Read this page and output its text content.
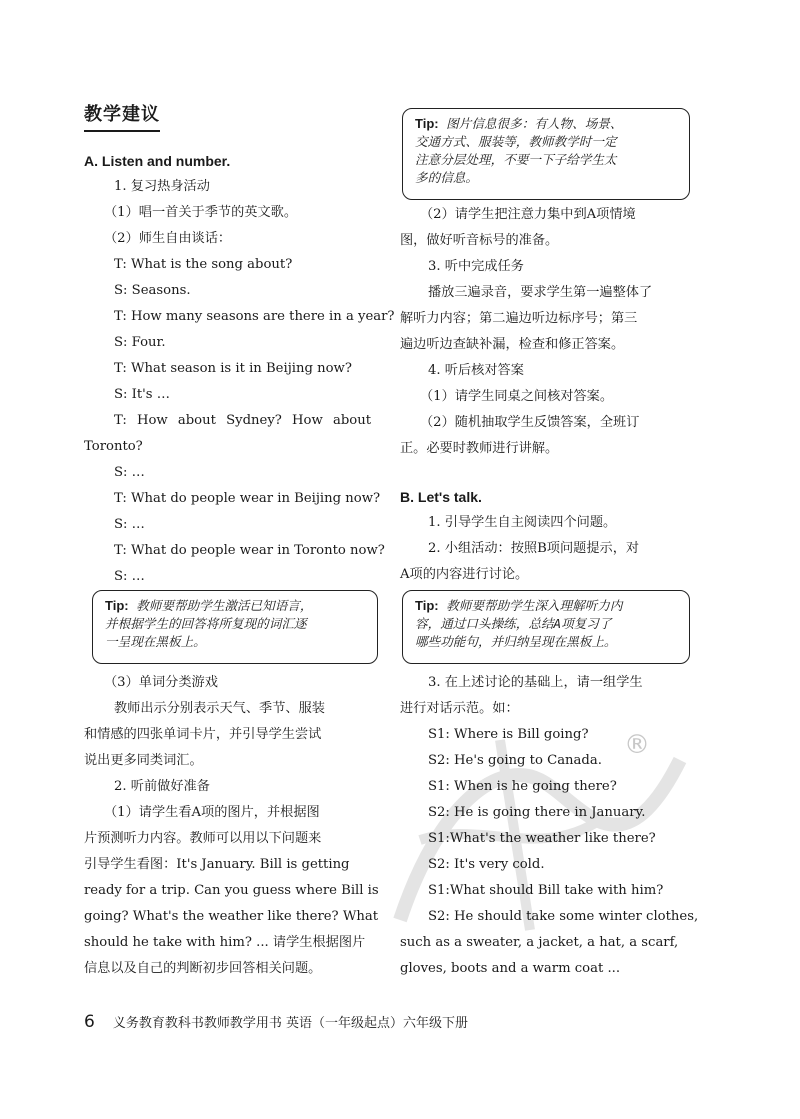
教学建议
A. Listen and number.
1. 复习热身活动
（1）唱一首关于季节的英文歌。
（2）师生自由谈话：
T: What is the song about?
S: Seasons.
T: How many seasons are there in a year?
S: Four.
T: What season is it in Beijing now?
S: It's …
T: How about Sydney? How about
Toronto?
S: …
T: What do people wear in Beijing now?
S: …
T: What do people wear in Toronto now?
S: …
Tip: 教师要帮助学生激活已知语言，
并根据学生的回答将所复现的词汇逐
一呈现在黑板上。
（3）单词分类游戏
教师出示分别表示天气、季节、服装
和情感的四张单词卡片，并引导学生尝试
说出更多同类词汇。
2. 听前做好准备
（1）请学生看A项的图片，并根据图
片预测听力内容。教师可以用以下问题来
引导学生看图：It's January. Bill is getting
ready for a trip. Can you guess where Bill is
going? What's the weather like there? What
should he take with him? ... 请学生根据图片
信息以及自己的判断初步回答相关问题。
Tip: 图片信息很多：有人物、场景、
交通方式、服装等，教师教学时一定
注意分层处理，不要一下子给学生太
多的信息。
（2）请学生把注意力集中到A项情境
图，做好听音标号的准备。
3. 听中完成任务
播放三遍录音，要求学生第一遍整体了
解听力内容；第二遍边听边标序号；第三
遍边听边查缺补漏，检查和修正答案。
4. 听后核对答案
（1）请学生同桌之间核对答案。
（2）随机抽取学生反馈答案，全班订
正。必要时教师进行讲解。
B. Let's talk.
1. 引导学生自主阅读四个问题。
2. 小组活动：按照B项问题提示，对
A项的内容进行讨论。
Tip: 教师要帮助学生深入理解听力内
容，通过口头操练，总结A项复习了
哪些功能句，并归纳呈现在黑板上。
3. 在上述讨论的基础上，请一组学生
进行对话示范。如：
S1: Where is Bill going?
S2: He's going to Canada.
S1: When is he going there?
S2: He is going there in January.
S1:What's the weather like there?
S2: It's very cold.
S1:What should Bill take with him?
S2: He should take some winter clothes,
such as a sweater, a jacket, a hat, a scarf,
gloves, boots and a warm coat ...
®
6 义务教育教科书教师教学用书 英语（一年级起点）六年级下册
